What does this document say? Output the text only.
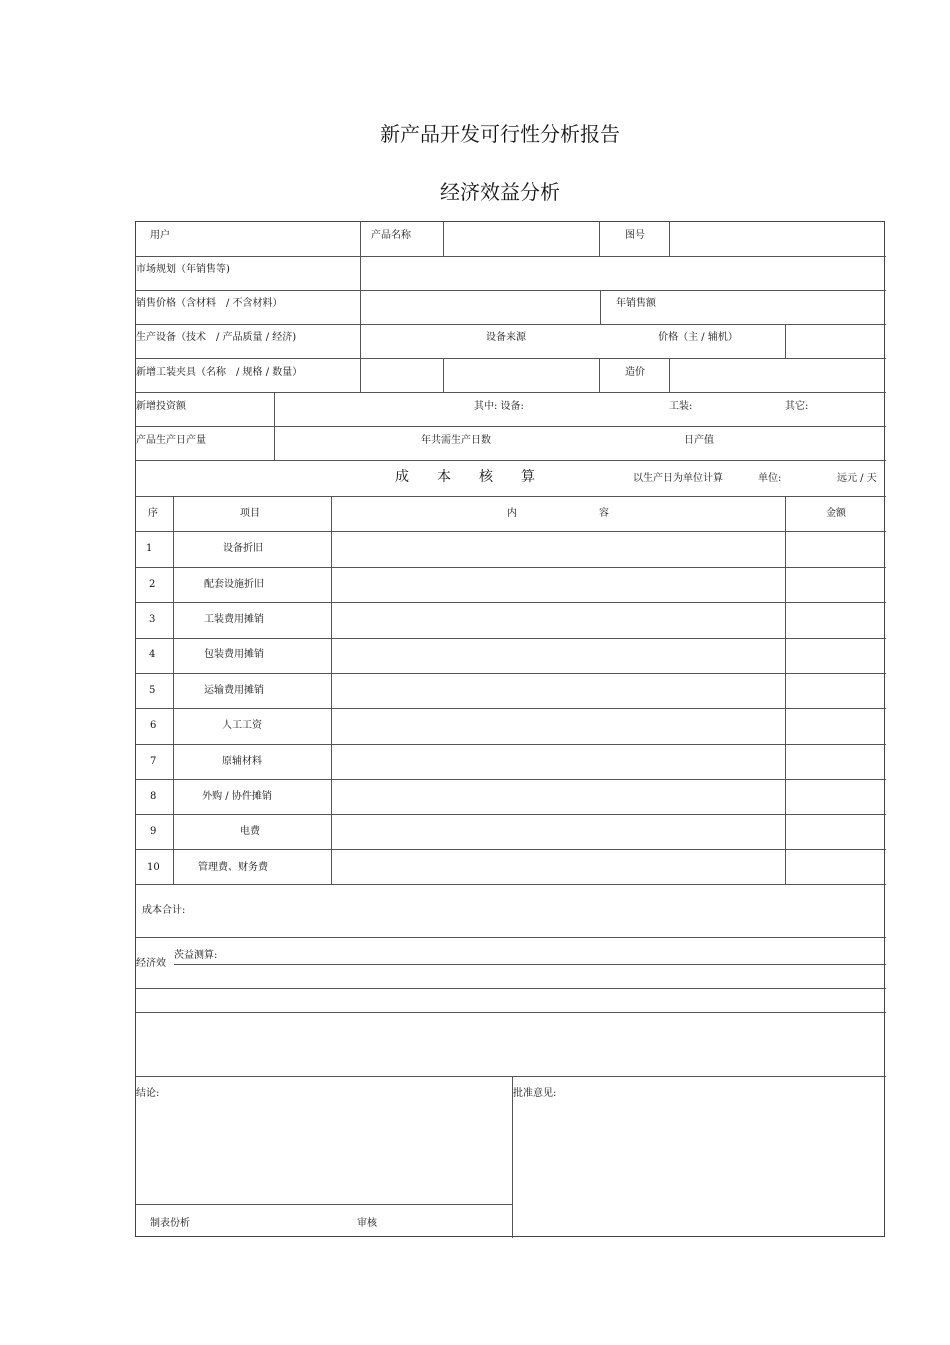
新产品开发可行性分析报告
经济效益分析
用户	产品名称	图号
市场规划（年销售等)
销售价格（含材料　/ 不含材料）	年销售额
生产设备（技术　/ 产品质量 / 经济)	设备来源	价格（主 / 辅机）
新增工装夹具（名称　/ 规格 / 数量）	造价
新增投资额	其中: 设备:	工装:	其它:
产品生产日产量	年共需生产日数	日产值
成 本 核 算	以生产日为单位计算	单位:	远元 / 天
序	项目	内	容	金额
1	设备折旧
2	配套设施折旧
3	工装费用摊销
4	包装费用摊销
5	运输费用摊销
6	人工工资
7	原辅材料
8	外购 / 协件摊销
9	电费
10	管理费、财务费
成本合计:
经济效
茨益测算:
结论:	批准意见:
制表份析	审核
